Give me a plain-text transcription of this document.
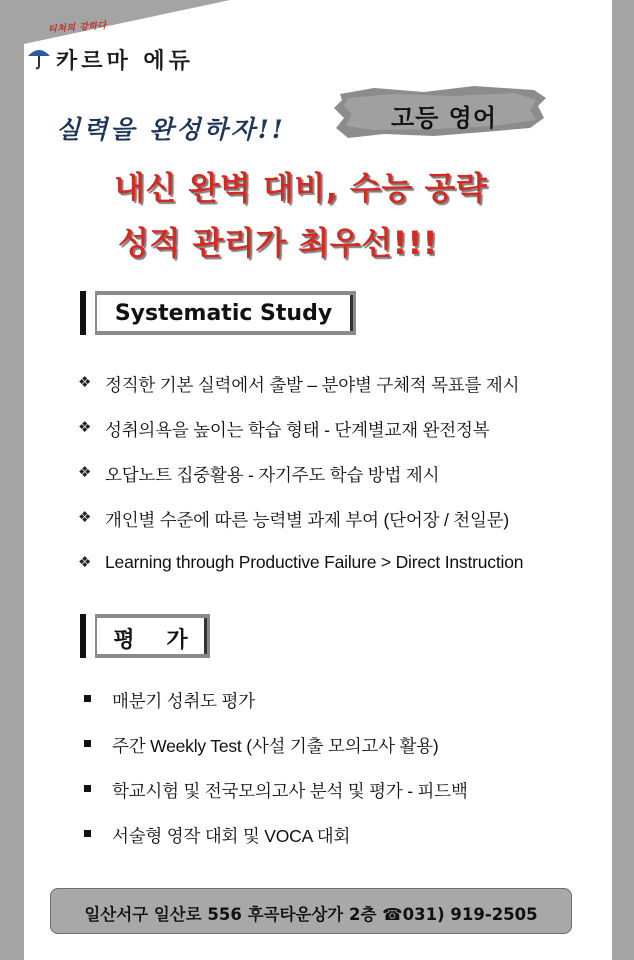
티쳐의 강하다
카르마 에듀
실력을 완성하자!!	고등 영어
내신 완벽 대비, 수능 공략
성적 관리가 최우선!!!
Systematic Study
❖ 정직한 기본 실력에서 출발 – 분야별 구체적 목표를 제시
❖ 성취의욕을 높이는 학습 형태 - 단계별교재 완전정복
❖ 오답노트 집중활용 - 자기주도 학습 방법 제시
❖ 개인별 수준에 따른 능력별 과제 부여 (단어장 / 천일문)
❖ Learning through Productive Failure > Direct Instruction
평 가
매분기 성취도 평가
주간 Weekly Test (사설 기출 모의고사 활용)
학교시험 및 전국모의고사 분석 및 평가 - 피드백
서술형 영작 대회 및 VOCA 대회
일산서구 일산로 556 후곡타운상가 2층 ☎031) 919-2505
